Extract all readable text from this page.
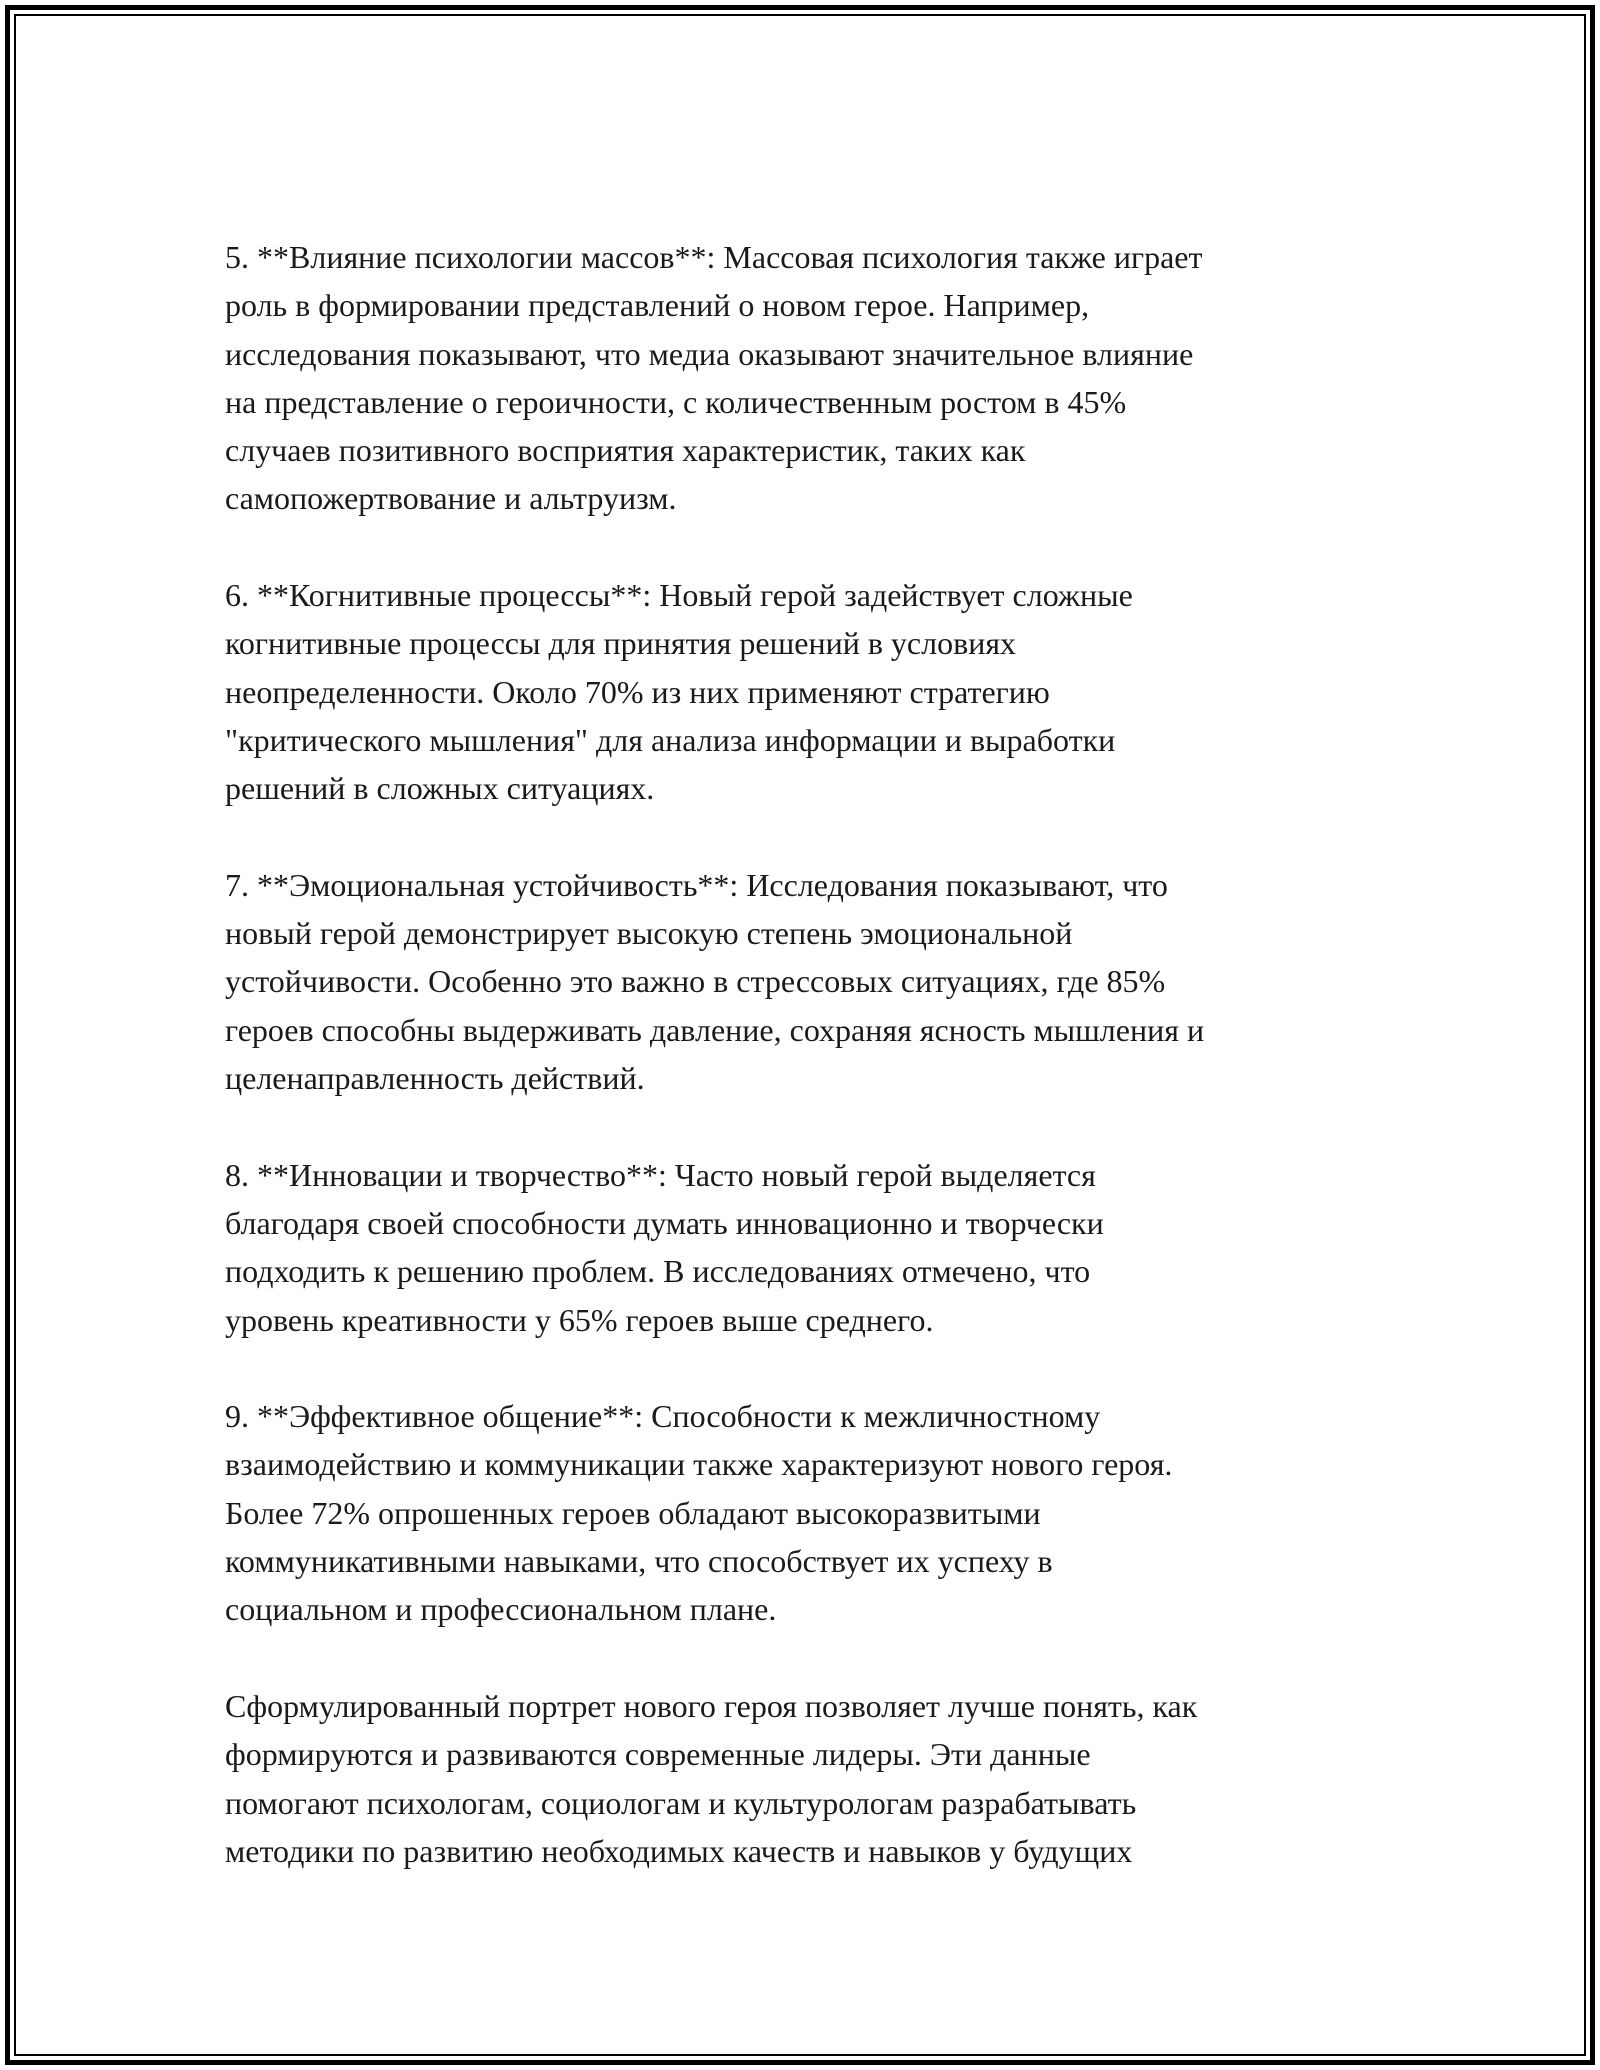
5. **Влияние психологии массов**: Массовая психология также играет
роль в формировании представлений о новом герое. Например,
исследования показывают, что медиа оказывают значительное влияние
на представление о героичности, с количественным ростом в 45%
случаев позитивного восприятия характеристик, таких как
самопожертвование и альтруизм.

6. **Когнитивные процессы**: Новый герой задействует сложные
когнитивные процессы для принятия решений в условиях
неопределенности. Около 70% из них применяют стратегию
"критического мышления" для анализа информации и выработки
решений в сложных ситуациях.

7. **Эмоциональная устойчивость**: Исследования показывают, что
новый герой демонстрирует высокую степень эмоциональной
устойчивости. Особенно это важно в стрессовых ситуациях, где 85%
героев способны выдерживать давление, сохраняя ясность мышления и
целенаправленность действий.

8. **Инновации и творчество**: Часто новый герой выделяется
благодаря своей способности думать инновационно и творчески
подходить к решению проблем. В исследованиях отмечено, что
уровень креативности у 65% героев выше среднего.

9. **Эффективное общение**: Способности к межличностному
взаимодействию и коммуникации также характеризуют нового героя.
Более 72% опрошенных героев обладают высокоразвитыми
коммуникативными навыками, что способствует их успеху в
социальном и профессиональном плане.

Сформулированный портрет нового героя позволяет лучше понять, как
формируются и развиваются современные лидеры. Эти данные
помогают психологам, социологам и культурологам разрабатывать
методики по развитию необходимых качеств и навыков у будущих
